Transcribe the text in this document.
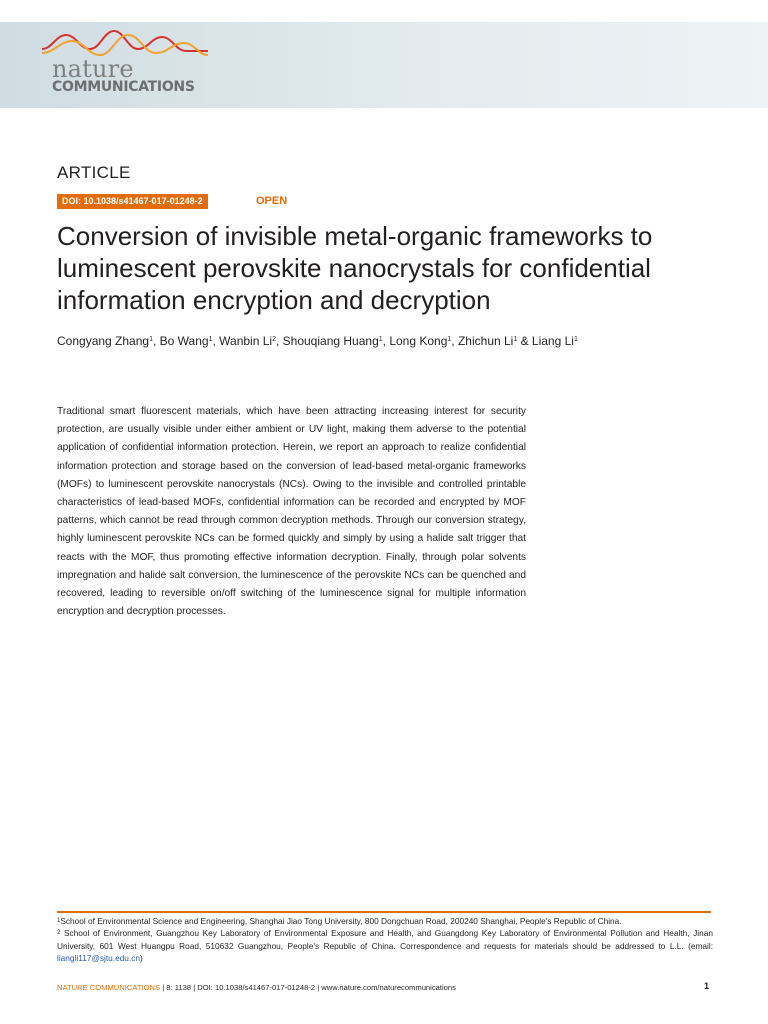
nature
COMMUNICATIONS
ARTICLE
DOI: 10.1038/s41467-017-01248-2	OPEN
Conversion of invisible metal-organic frameworks to luminescent perovskite nanocrystals for confidential information encryption and decryption
Congyang Zhang$^1$, Bo Wang$^1$, Wanbin Li$^2$, Shouqiang Huang$^1$, Long Kong$^1$, Zhichun Li$^1$ & Liang Li$^1$

Traditional smart fluorescent materials, which have been attracting increasing interest for security protection, are usually visible under either ambient or UV light, making them adverse to the potential application of confidential information protection. Herein, we report an approach to realize confidential information protection and storage based on the conversion of lead-based metal-organic frameworks (MOFs) to luminescent perovskite nanocrystals (NCs). Owing to the invisible and controlled printable characteristics of lead-based MOFs, confidential information can be recorded and encrypted by MOF patterns, which cannot be read through common decryption methods. Through our conversion strategy, highly luminescent perovskite NCs can be formed quickly and simply by using a halide salt trigger that reacts with the MOF, thus promoting effective information decryption. Finally, through polar solvents impregnation and halide salt conversion, the luminescence of the perovskite NCs can be quenched and recovered, leading to reversible on/off switching of the luminescence signal for multiple information encryption and decryption processes.

$^1$School of Environmental Science and Engineering, Shanghai Jiao Tong University, 800 Dongchuan Road, 200240 Shanghai, People's Republic of China.

$^2$ School of Environment, Guangzhou Key Laboratory of Environmental Exposure and Health, and Guangdong Key Laboratory of Environmental Pollution and Health, Jinan University, 601 West Huangpu Road, 510632 Guangzhou, People's Republic of China. Correspondence and requests for materials should be addressed to L.L. (email: liangli117@sjtu.edu.cn)

NATURE COMMUNICATIONS | 8: 1138 | DOI: 10.1038/s41467-017-01248-2 | www.nature.com/naturecommunications	1
